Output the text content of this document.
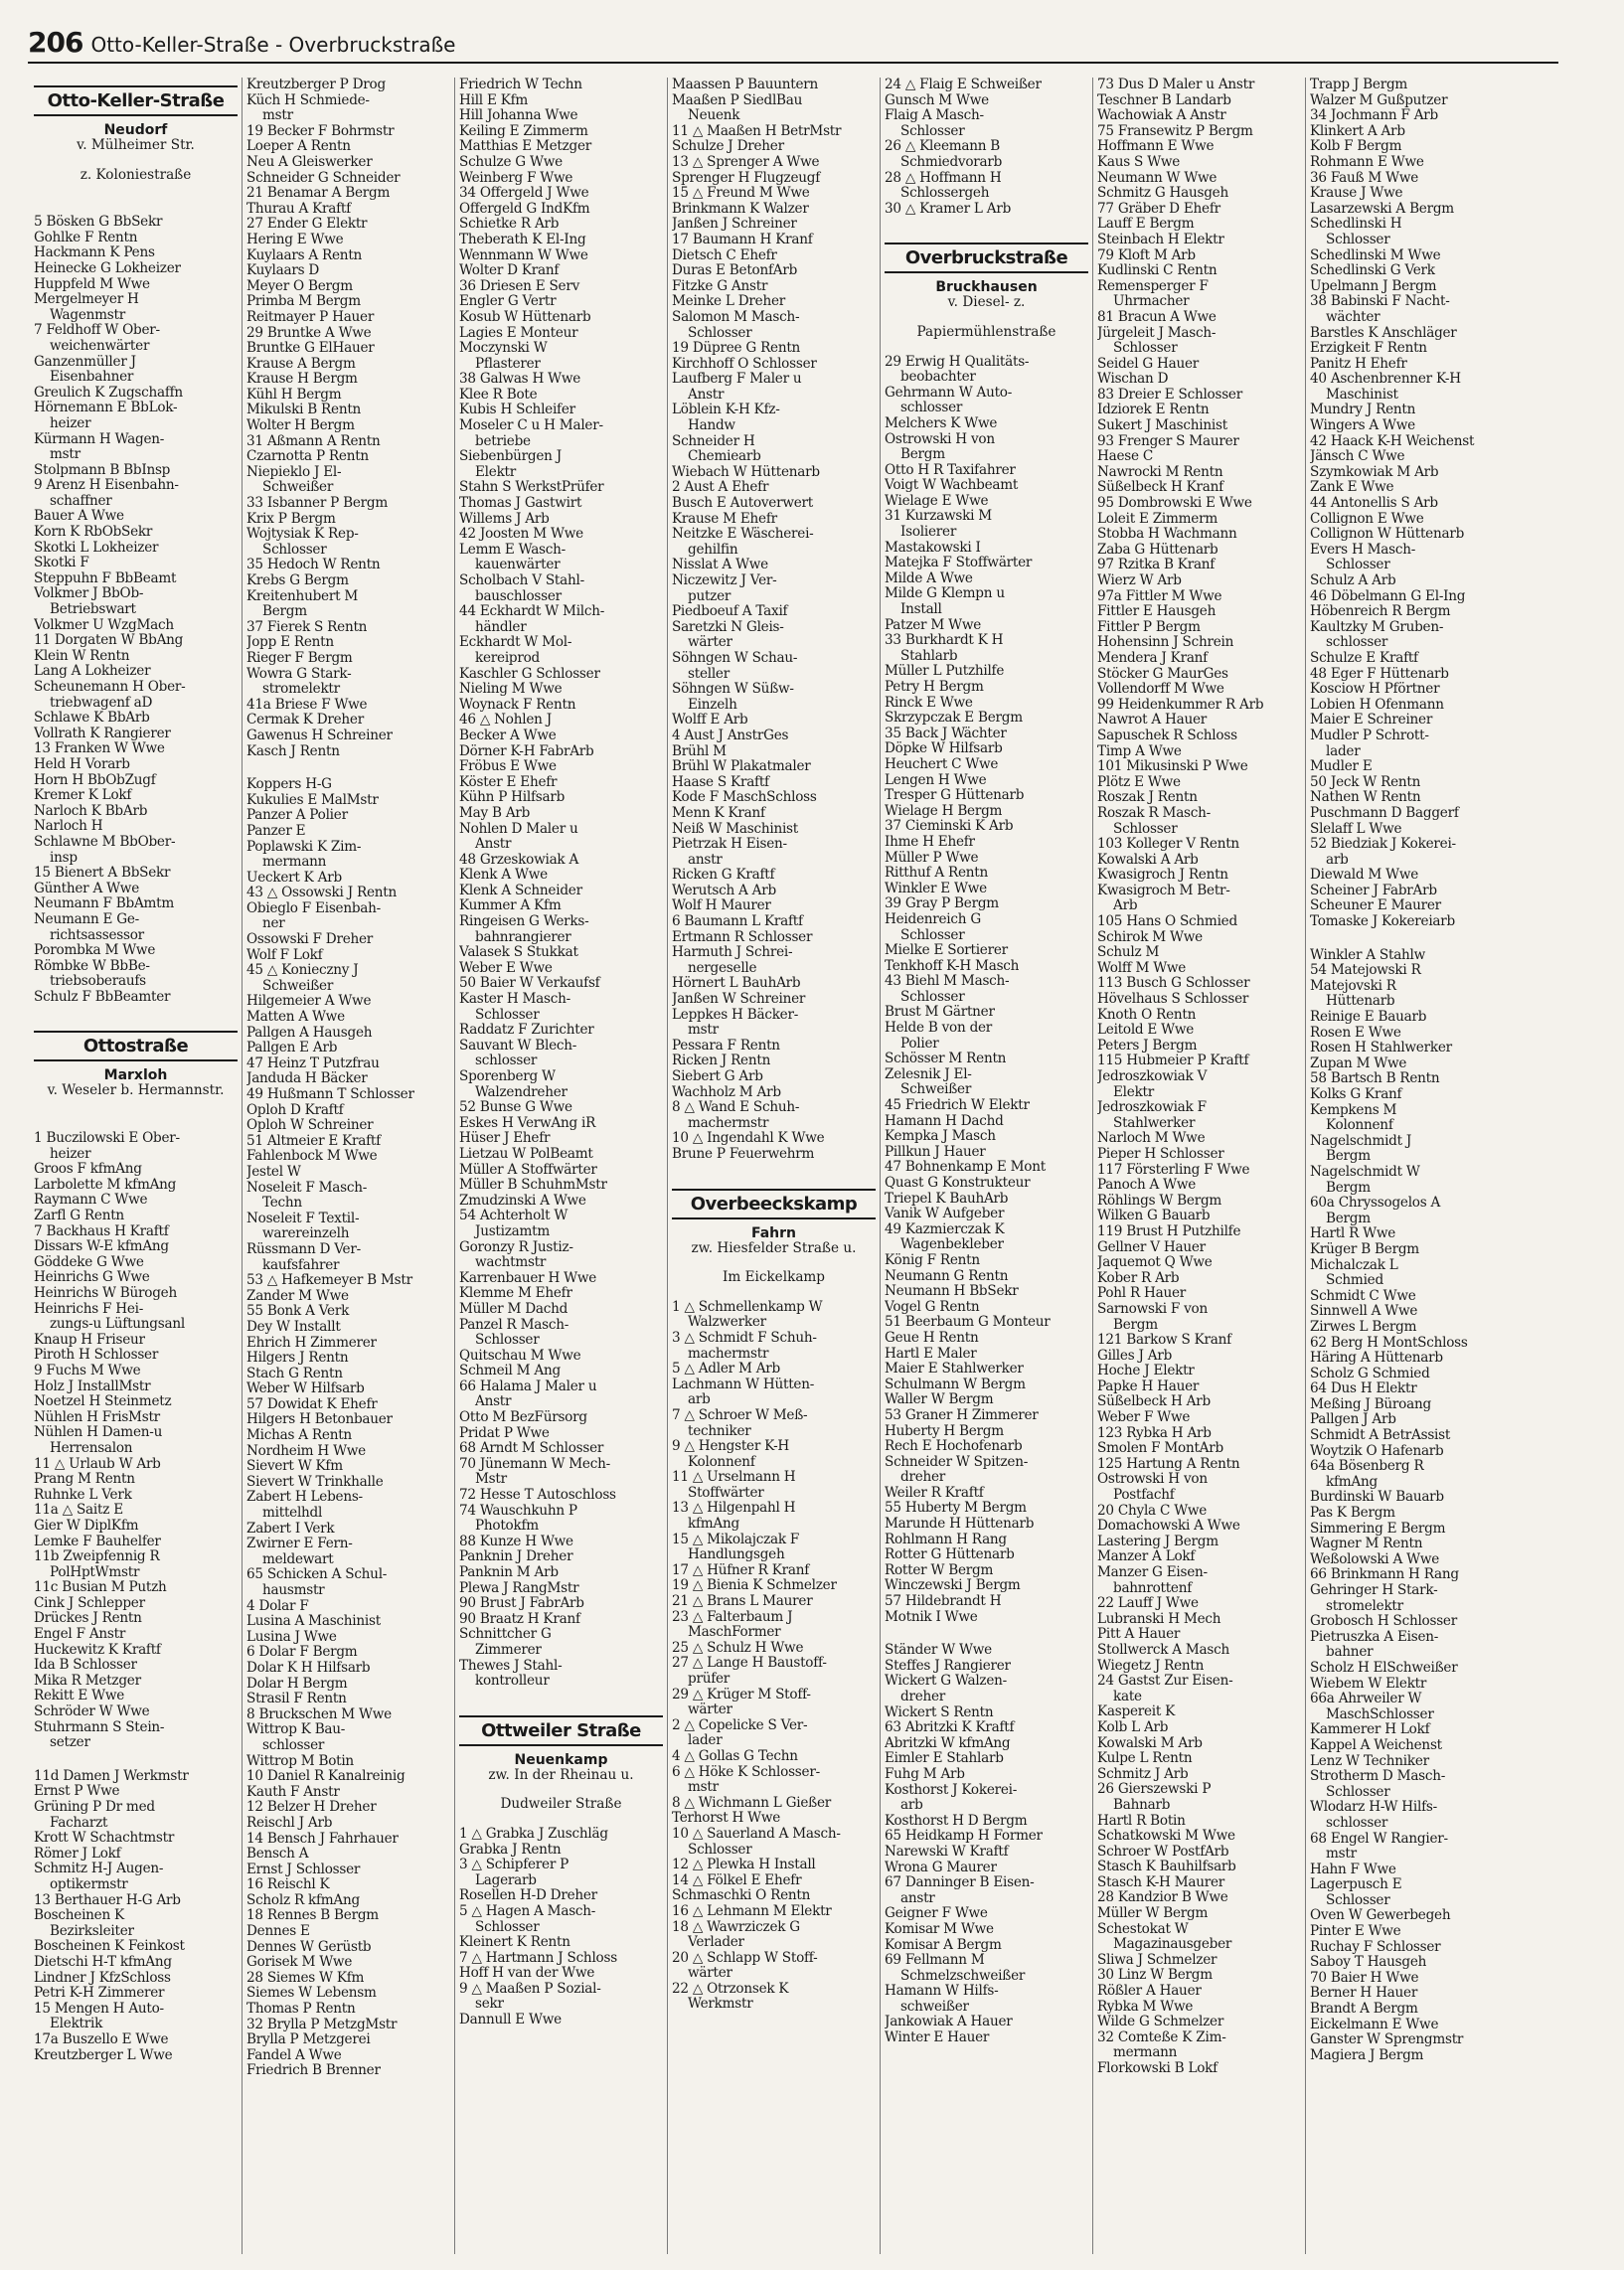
206 Otto-Keller-Straße - Overbruckstraße
Otto-Keller-Straße
Neudorf
v. Mülheimer Str.
z. Koloniestraße
5 Bösken G BbSekr
Gohlke F Rentn
Hackmann K Pens
Heinecke G Lokheizer
Huppfeld M Wwe
Mergelmeyer H
Wagenmstr
7 Feldhoff W Ober-
weichenwärter
Ganzenmüller J
Eisenbahner
Greulich K Zugschaffn
Hörnemann E BbLok-
heizer
Kürmann H Wagen-
mstr
Stolpmann B BbInsp
9 Arenz H Eisenbahn-
schaffner
Bauer A Wwe
Korn K RbObSekr
Skotki L Lokheizer
Skotki F
Steppuhn F BbBeamt
Volkmer J BbOb-
Betriebswart
Volkmer U WzgMach
11 Dorgaten W BbAng
Klein W Rentn
Lang A Lokheizer
Scheunemann H Ober-
triebwagenf aD
Schlawe K BbArb
Vollrath K Rangierer
13 Franken W Wwe
Held H Vorarb
Horn H BbObZugf
Kremer K Lokf
Narloch K BbArb
Narloch H
Schlawne M BbOber-
insp
15 Bienert A BbSekr
Günther A Wwe
Neumann F BbAmtm
Neumann E Ge-
richtsassessor
Porombka M Wwe
Römbke W BbBe-
triebsoberaufs
Schulz F BbBeamter
Ottostraße
Marxloh
v. Weseler b. Hermannstr.
1 Buczilowski E Ober-
heizer
Groos F kfmAng
Larbolette M kfmAng
Raymann C Wwe
Zarfl G Rentn
7 Backhaus H Kraftf
Dissars W-E kfmAng
Göddeke G Wwe
Heinrichs G Wwe
Heinrichs W Bürogeh
Heinrichs F Hei-
zungs-u Lüftungsanl
Knaup H Friseur
Piroth H Schlosser
9 Fuchs M Wwe
Holz J InstallMstr
Noetzel H Steinmetz
Nühlen H FrisMstr
Nühlen H Damen-u
Herrensalon
11 △ Urlaub W Arb
Prang M Rentn
Ruhnke L Verk
11a △ Saitz E
Gier W DiplKfm
Lemke F Bauhelfer
11b Zweipfennig R
PolHptWmstr
11c Busian M Putzh
Cink J Schlepper
Drückes J Rentn
Engel F Anstr
Huckewitz K Kraftf
Ida B Schlosser
Mika R Metzger
Rekitt E Wwe
Schröder W Wwe
Stuhrmann S Stein-
setzer
11d Damen J Werkmstr
Ernst P Wwe
Grüning P Dr med
Facharzt
Krott W Schachtmstr
Römer J Lokf
Schmitz H-J Augen-
optikermstr
13 Berthauer H-G Arb
Boscheinen K
Bezirksleiter
Boscheinen K Feinkost
Dietschi H-T kfmAng
Lindner J KfzSchloss
Petri K-H Zimmerer
15 Mengen H Auto-
Elektrik
17a Buszello E Wwe
Kreutzberger L Wwe
Kreutzberger P Drog
Küch H Schmiede-
mstr
19 Becker F Bohrmstr
Loeper A Rentn
Neu A Gleiswerker
Schneider G Schneider
21 Benamar A Bergm
Thurau A Kraftf
27 Ender G Elektr
Hering E Wwe
Kuylaars A Rentn
Kuylaars D
Meyer O Bergm
Primba M Bergm
Reitmayer P Hauer
29 Bruntke A Wwe
Bruntke G ElHauer
Krause A Bergm
Krause H Bergm
Kühl H Bergm
Mikulski B Rentn
Wolter H Bergm
31 Aßmann A Rentn
Czarnotta P Rentn
Niepieklo J El-
Schweißer
33 Isbanner P Bergm
Krix P Bergm
Wojtysiak K Rep-
Schlosser
35 Hedoch W Rentn
Krebs G Bergm
Kreitenhubert M
Bergm
37 Fierek S Rentn
Jopp E Rentn
Rieger F Bergm
Wowra G Stark-
stromelektr
41a Briese F Wwe
Cermak K Dreher
Gawenus H Schreiner
Kasch J Rentn
Koppers H-G
Kukulies E MalMstr
Panzer A Polier
Panzer E
Poplawski K Zim-
mermann
Ueckert K Arb
43 △ Ossowski J Rentn
Obieglo F Eisenbah-
ner
Ossowski F Dreher
Wolf F Lokf
45 △ Konieczny J
Schweißer
Hilgemeier A Wwe
Matten A Wwe
Pallgen A Hausgeh
Pallgen E Arb
47 Heinz T Putzfrau
Janduda H Bäcker
49 Hußmann T Schlosser
Oploh D Kraftf
Oploh W Schreiner
51 Altmeier E Kraftf
Fahlenbock M Wwe
Jestel W
Noseleit F Masch-
Techn
Noseleit F Textil-
warereinzelh
Rüssmann D Ver-
kaufsfahrer
53 △ Hafkemeyer B Mstr
Zander M Wwe
55 Bonk A Verk
Dey W Installt
Ehrich H Zimmerer
Hilgers J Rentn
Stach G Rentn
Weber W Hilfsarb
57 Dowidat K Ehefr
Hilgers H Betonbauer
Michas A Rentn
Nordheim H Wwe
Sievert W Kfm
Sievert W Trinkhalle
Zabert H Lebens-
mittelhdl
Zabert I Verk
Zwirner E Fern-
meldewart
65 Schicken A Schul-
hausmstr
4 Dolar F
Lusina A Maschinist
Lusina J Wwe
6 Dolar F Bergm
Dolar K H Hilfsarb
Dolar H Bergm
Strasil F Rentn
8 Bruckschen M Wwe
Wittrop K Bau-
schlosser
Wittrop M Botin
10 Daniel R Kanalreinig
Kauth F Anstr
12 Belzer H Dreher
Reischl J Arb
14 Bensch J Fahrhauer
Bensch A
Ernst J Schlosser
16 Reischl K
Scholz R kfmAng
18 Rennes B Bergm
Dennes E
Dennes W Gerüstb
Gorisek M Wwe
28 Siemes W Kfm
Siemes W Lebensm
Thomas P Rentn
32 Brylla P MetzgMstr
Brylla P Metzgerei
Fandel A Wwe
Friedrich B Brenner
Friedrich W Techn
Hill E Kfm
Hill Johanna Wwe
Keiling E Zimmerm
Matthias E Metzger
Schulze G Wwe
Weinberg F Wwe
34 Offergeld J Wwe
Offergeld G IndKfm
Schietke R Arb
Theberath K El-Ing
Wennmann W Wwe
Wolter D Kranf
36 Driesen E Serv
Engler G Vertr
Kosub W Hüttenarb
Lagies E Monteur
Moczynski W
Pflasterer
38 Galwas H Wwe
Klee R Bote
Kubis H Schleifer
Moseler C u H Maler-
betriebe
Siebenbürgen J
Elektr
Stahn S WerkstPrüfer
Thomas J Gastwirt
Willems J Arb
42 Joosten M Wwe
Lemm E Wasch-
kauenwärter
Scholbach V Stahl-
bauschlosser
44 Eckhardt W Milch-
händler
Eckhardt W Mol-
kereiprod
Kaschler G Schlosser
Nieling M Wwe
Woynack F Rentn
46 △ Nohlen J
Becker A Wwe
Dörner K-H FabrArb
Fröbus E Wwe
Köster E Ehefr
Kühn P Hilfsarb
May B Arb
Nohlen D Maler u
Anstr
48 Grzeskowiak A
Klenk A Wwe
Klenk A Schneider
Kummer A Kfm
Ringeisen G Werks-
bahnrangierer
Valasek S Stukkat
Weber E Wwe
50 Baier W Verkaufsf
Kaster H Masch-
Schlosser
Raddatz F Zurichter
Sauvant W Blech-
schlosser
Sporenberg W
Walzendreher
52 Bunse G Wwe
Eskes H VerwAng iR
Hüser J Ehefr
Lietzau W PolBeamt
Müller A Stoffwärter
Müller B SchuhmMstr
Zmudzinski A Wwe
54 Achterholt W
Justizamtm
Goronzy R Justiz-
wachtmstr
Karrenbauer H Wwe
Klemme M Ehefr
Müller M Dachd
Panzel R Masch-
Schlosser
Quitschau M Wwe
Schmeil M Ang
66 Halama J Maler u
Anstr
Otto M BezFürsorg
Pridat P Wwe
68 Arndt M Schlosser
70 Jünemann W Mech-
Mstr
72 Hesse T Autoschloss
74 Wauschkuhn P
Photokfm
88 Kunze H Wwe
Panknin J Dreher
Panknin M Arb
Plewa J RangMstr
90 Brust J FabrArb
90 Braatz H Kranf
Schnittcher G
Zimmerer
Thewes J Stahl-
kontrolleur
Ottweiler Straße
Neuenkamp
zw. In der Rheinau u.
Dudweiler Straße
1 △ Grabka J Zuschläg
Grabka J Rentn
3 △ Schipferer P
Lagerarb
Rosellen H-D Dreher
5 △ Hagen A Masch-
Schlosser
Kleinert K Rentn
7 △ Hartmann J Schloss
Hoff H van der Wwe
9 △ Maaßen P Sozial-
sekr
Dannull E Wwe
Maassen P Bauuntern
Maaßen P SiedlBau
Neuenk
11 △ Maaßen H BetrMstr
Schulze J Dreher
13 △ Sprenger A Wwe
Sprenger H Flugzeugf
15 △ Freund M Wwe
Brinkmann K Walzer
Janßen J Schreiner
17 Baumann H Kranf
Dietsch C Ehefr
Duras E BetonfArb
Fitzke G Anstr
Meinke L Dreher
Salomon M Masch-
Schlosser
19 Düpree G Rentn
Kirchhoff O Schlosser
Laufberg F Maler u
Anstr
Löblein K-H Kfz-
Handw
Schneider H
Chemiearb
Wiebach W Hüttenarb
2 Aust A Ehefr
Busch E Autoverwert
Krause M Ehefr
Neitzke E Wäscherei-
gehilfin
Nisslat A Wwe
Niczewitz J Ver-
putzer
Piedboeuf A Taxif
Saretzki N Gleis-
wärter
Söhngen W Schau-
steller
Söhngen W Süßw-
Einzelh
Wolff E Arb
4 Aust J AnstrGes
Brühl M
Brühl W Plakatmaler
Haase S Kraftf
Kode F MaschSchloss
Menn K Kranf
Neiß W Maschinist
Pietrzak H Eisen-
anstr
Ricken G Kraftf
Werutsch A Arb
Wolf H Maurer
6 Baumann L Kraftf
Ertmann R Schlosser
Harmuth J Schrei-
nergeselle
Hörnert L BauhArb
Janßen W Schreiner
Leppkes H Bäcker-
mstr
Pessara F Rentn
Ricken J Rentn
Siebert G Arb
Wachholz M Arb
8 △ Wand E Schuh-
machermstr
10 △ Ingendahl K Wwe
Brune P Feuerwehrm
Overbeeckskamp
Fahrn
zw. Hiesfelder Straße u.
Im Eickelkamp
1 △ Schmellenkamp W
Walzwerker
3 △ Schmidt F Schuh-
machermstr
5 △ Adler M Arb
Lachmann W Hütten-
arb
7 △ Schroer W Meß-
techniker
9 △ Hengster K-H
Kolonnenf
11 △ Urselmann H
Stoffwärter
13 △ Hilgenpahl H
kfmAng
15 △ Mikolajczak F
Handlungsgeh
17 △ Hüfner R Kranf
19 △ Bienia K Schmelzer
21 △ Brans L Maurer
23 △ Falterbaum J
MaschFormer
25 △ Schulz H Wwe
27 △ Lange H Baustoff-
prüfer
29 △ Krüger M Stoff-
wärter
2 △ Copelicke S Ver-
lader
4 △ Gollas G Techn
6 △ Höke K Schlosser-
mstr
8 △ Wichmann L Gießer
Terhorst H Wwe
10 △ Sauerland A Masch-
Schlosser
12 △ Plewka H Install
14 △ Fölkel E Ehefr
Schmaschki O Rentn
16 △ Lehmann M Elektr
18 △ Wawrziczek G
Verlader
20 △ Schlapp W Stoff-
wärter
22 △ Otrzonsek K
Werkmstr
24 △ Flaig E Schweißer
Gunsch M Wwe
Flaig A Masch-
Schlosser
26 △ Kleemann B
Schmiedvorarb
28 △ Hoffmann H
Schlossergeh
30 △ Kramer L Arb
Overbruckstraße
Bruckhausen
v. Diesel- z.
Papiermühlenstraße
29 Erwig H Qualitäts-
beobachter
Gehrmann W Auto-
schlosser
Melchers K Wwe
Ostrowski H von
Bergm
Otto H R Taxifahrer
Voigt W Wachbeamt
Wielage E Wwe
31 Kurzawski M
Isolierer
Mastakowski I
Matejka F Stoffwärter
Milde A Wwe
Milde G Klempn u
Install
Patzer M Wwe
33 Burkhardt K H
Stahlarb
Müller L Putzhilfe
Petry H Bergm
Rinck E Wwe
Skrzypczak E Bergm
35 Back J Wächter
Döpke W Hilfsarb
Heuchert C Wwe
Lengen H Wwe
Tresper G Hüttenarb
Wielage H Bergm
37 Cieminski K Arb
Ihme H Ehefr
Müller P Wwe
Ritthuf A Rentn
Winkler E Wwe
39 Gray P Bergm
Heidenreich G
Schlosser
Mielke E Sortierer
Tenkhoff K-H Masch
43 Biehl M Masch-
Schlosser
Brust M Gärtner
Helde B von der
Polier
Schösser M Rentn
Zelesnik J El-
Schweißer
45 Friedrich W Elektr
Hamann H Dachd
Kempka J Masch
Pillkun J Hauer
47 Bohnenkamp E Mont
Quast G Konstrukteur
Triepel K BauhArb
Vanik W Aufgeber
49 Kazmierczak K
Wagenbekleber
König F Rentn
Neumann G Rentn
Neumann H BbSekr
Vogel G Rentn
51 Beerbaum G Monteur
Geue H Rentn
Hartl E Maler
Maier E Stahlwerker
Schulmann W Bergm
Waller W Bergm
53 Graner H Zimmerer
Huberty H Bergm
Rech E Hochofenarb
Schneider W Spitzen-
dreher
Weiler R Kraftf
55 Huberty M Bergm
Marunde H Hüttenarb
Rohlmann H Rang
Rotter G Hüttenarb
Rotter W Bergm
Winczewski J Bergm
57 Hildebrandt H
Motnik I Wwe
Ständer W Wwe
Steffes J Rangierer
Wickert G Walzen-
dreher
Wickert S Rentn
63 Abritzki K Kraftf
Abritzki W kfmAng
Eimler E Stahlarb
Fuhg M Arb
Kosthorst J Kokerei-
arb
Kosthorst H D Bergm
65 Heidkamp H Former
Narewski W Kraftf
Wrona G Maurer
67 Danninger B Eisen-
anstr
Geigner F Wwe
Komisar M Wwe
Komisar A Bergm
69 Fellmann M
Schmelzschweißer
Hamann W Hilfs-
schweißer
Jankowiak A Hauer
Winter E Hauer
73 Dus D Maler u Anstr
Teschner B Landarb
Wachowiak A Anstr
75 Fransewitz P Bergm
Hoffmann E Wwe
Kaus S Wwe
Neumann W Wwe
Schmitz G Hausgeh
77 Gräber D Ehefr
Lauff E Bergm
Steinbach H Elektr
79 Kloft M Arb
Kudlinski C Rentn
Remensperger F
Uhrmacher
81 Bracun A Wwe
Jürgeleit J Masch-
Schlosser
Seidel G Hauer
Wischan D
83 Dreier E Schlosser
Idziorek E Rentn
Sukert J Maschinist
93 Frenger S Maurer
Haese C
Nawrocki M Rentn
Süßelbeck H Kranf
95 Dombrowski E Wwe
Loleit E Zimmerm
Stobba H Wachmann
Zaba G Hüttenarb
97 Rzitka B Kranf
Wierz W Arb
97a Fittler M Wwe
Fittler E Hausgeh
Fittler P Bergm
Hohensinn J Schrein
Mendera J Kranf
Stöcker G MaurGes
Vollendorff M Wwe
99 Heidenkummer R Arb
Nawrot A Hauer
Sapuschek R Schloss
Timp A Wwe
101 Mikusinski P Wwe
Plötz E Wwe
Roszak J Rentn
Roszak R Masch-
Schlosser
103 Kolleger V Rentn
Kowalski A Arb
Kwasigroch J Rentn
Kwasigroch M Betr-
Arb
105 Hans O Schmied
Schirok M Wwe
Schulz M
Wolff M Wwe
113 Busch G Schlosser
Hövelhaus S Schlosser
Knoth O Rentn
Leitold E Wwe
Peters J Bergm
115 Hubmeier P Kraftf
Jedroszkowiak V
Elektr
Jedroszkowiak F
Stahlwerker
Narloch M Wwe
Pieper H Schlosser
117 Försterling F Wwe
Panoch A Wwe
Röhlings W Bergm
Wilken G Bauarb
119 Brust H Putzhilfe
Gellner V Hauer
Jaquemot Q Wwe
Kober R Arb
Pohl R Hauer
Sarnowski F von
Bergm
121 Barkow S Kranf
Gilles J Arb
Hoche J Elektr
Papke H Hauer
Süßelbeck H Arb
Weber F Wwe
123 Rybka H Arb
Smolen F MontArb
125 Hartung A Rentn
Ostrowski H von
Postfachf
20 Chyla C Wwe
Domachowski A Wwe
Lastering J Bergm
Manzer A Lokf
Manzer G Eisen-
bahnrottenf
22 Lauff J Wwe
Lubranski H Mech
Pitt A Hauer
Stollwerck A Masch
Wiegetz J Rentn
24 Gastst Zur Eisen-
kate
Kaspereit K
Kolb L Arb
Kowalski M Arb
Kulpe L Rentn
Schmitz J Arb
26 Gierszewski P
Bahnarb
Hartl R Botin
Schatkowski M Wwe
Schroer W PostfArb
Stasch K Bauhilfsarb
Stasch K-H Maurer
28 Kandzior B Wwe
Müller W Bergm
Schestokat W
Magazinausgeber
Sliwa J Schmelzer
30 Linz W Bergm
Rößler A Hauer
Rybka M Wwe
Wilde G Schmelzer
32 Comteße K Zim-
mermann
Florkowski B Lokf
Trapp J Bergm
Walzer M Gußputzer
34 Jochmann F Arb
Klinkert A Arb
Kolb F Bergm
Rohmann E Wwe
36 Fauß M Wwe
Krause J Wwe
Lasarzewski A Bergm
Schedlinski H
Schlosser
Schedlinski M Wwe
Schedlinski G Verk
Upelmann J Bergm
38 Babinski F Nacht-
wächter
Barstles K Anschläger
Erzigkeit F Rentn
Panitz H Ehefr
40 Aschenbrenner K-H
Maschinist
Mundry J Rentn
Wingers A Wwe
42 Haack K-H Weichenst
Jänsch C Wwe
Szymkowiak M Arb
Zank E Wwe
44 Antonellis S Arb
Collignon E Wwe
Collignon W Hüttenarb
Evers H Masch-
Schlosser
Schulz A Arb
46 Döbelmann G El-Ing
Höbenreich R Bergm
Kaultzky M Gruben-
schlosser
Schulze E Kraftf
48 Eger F Hüttenarb
Kosciow H Pförtner
Lobien H Ofenmann
Maier E Schreiner
Mudler P Schrott-
lader
Mudler E
50 Jeck W Rentn
Nathen W Rentn
Puschmann D Baggerf
Slelaff L Wwe
52 Biedziak J Kokerei-
arb
Diewald M Wwe
Scheiner J FabrArb
Scheuner E Maurer
Tomaske J Kokereiarb
Winkler A Stahlw
54 Matejowski R
Matejovski R
Hüttenarb
Reinige E Bauarb
Rosen E Wwe
Rosen H Stahlwerker
Zupan M Wwe
58 Bartsch B Rentn
Kolks G Kranf
Kempkens M
Kolonnenf
Nagelschmidt J
Bergm
Nagelschmidt W
Bergm
60a Chryssogelos A
Bergm
Hartl R Wwe
Krüger B Bergm
Michalczak L
Schmied
Schmidt C Wwe
Sinnwell A Wwe
Zirwes L Bergm
62 Berg H MontSchloss
Häring A Hüttenarb
Scholz G Schmied
64 Dus H Elektr
Meßing J Büroang
Pallgen J Arb
Schmidt A BetrAssist
Woytzik O Hafenarb
64a Bösenberg R
kfmAng
Burdinski W Bauarb
Pas K Bergm
Simmering E Bergm
Wagner M Rentn
Weßolowski A Wwe
66 Brinkmann H Rang
Gehringer H Stark-
stromelektr
Grobosch H Schlosser
Pietruszka A Eisen-
bahner
Scholz H ElSchweißer
Wiebem W Elektr
66a Ahrweiler W
MaschSchlosser
Kammerer H Lokf
Kappel A Weichenst
Lenz W Techniker
Strotherm D Masch-
Schlosser
Wlodarz H-W Hilfs-
schlosser
68 Engel W Rangier-
mstr
Hahn F Wwe
Lagerpusch E
Schlosser
Oven W Gewerbegeh
Pinter E Wwe
Ruchay F Schlosser
Saboy T Hausgeh
70 Baier H Wwe
Berner H Hauer
Brandt A Bergm
Eickelmann E Wwe
Ganster W Sprengmstr
Magiera J Bergm
